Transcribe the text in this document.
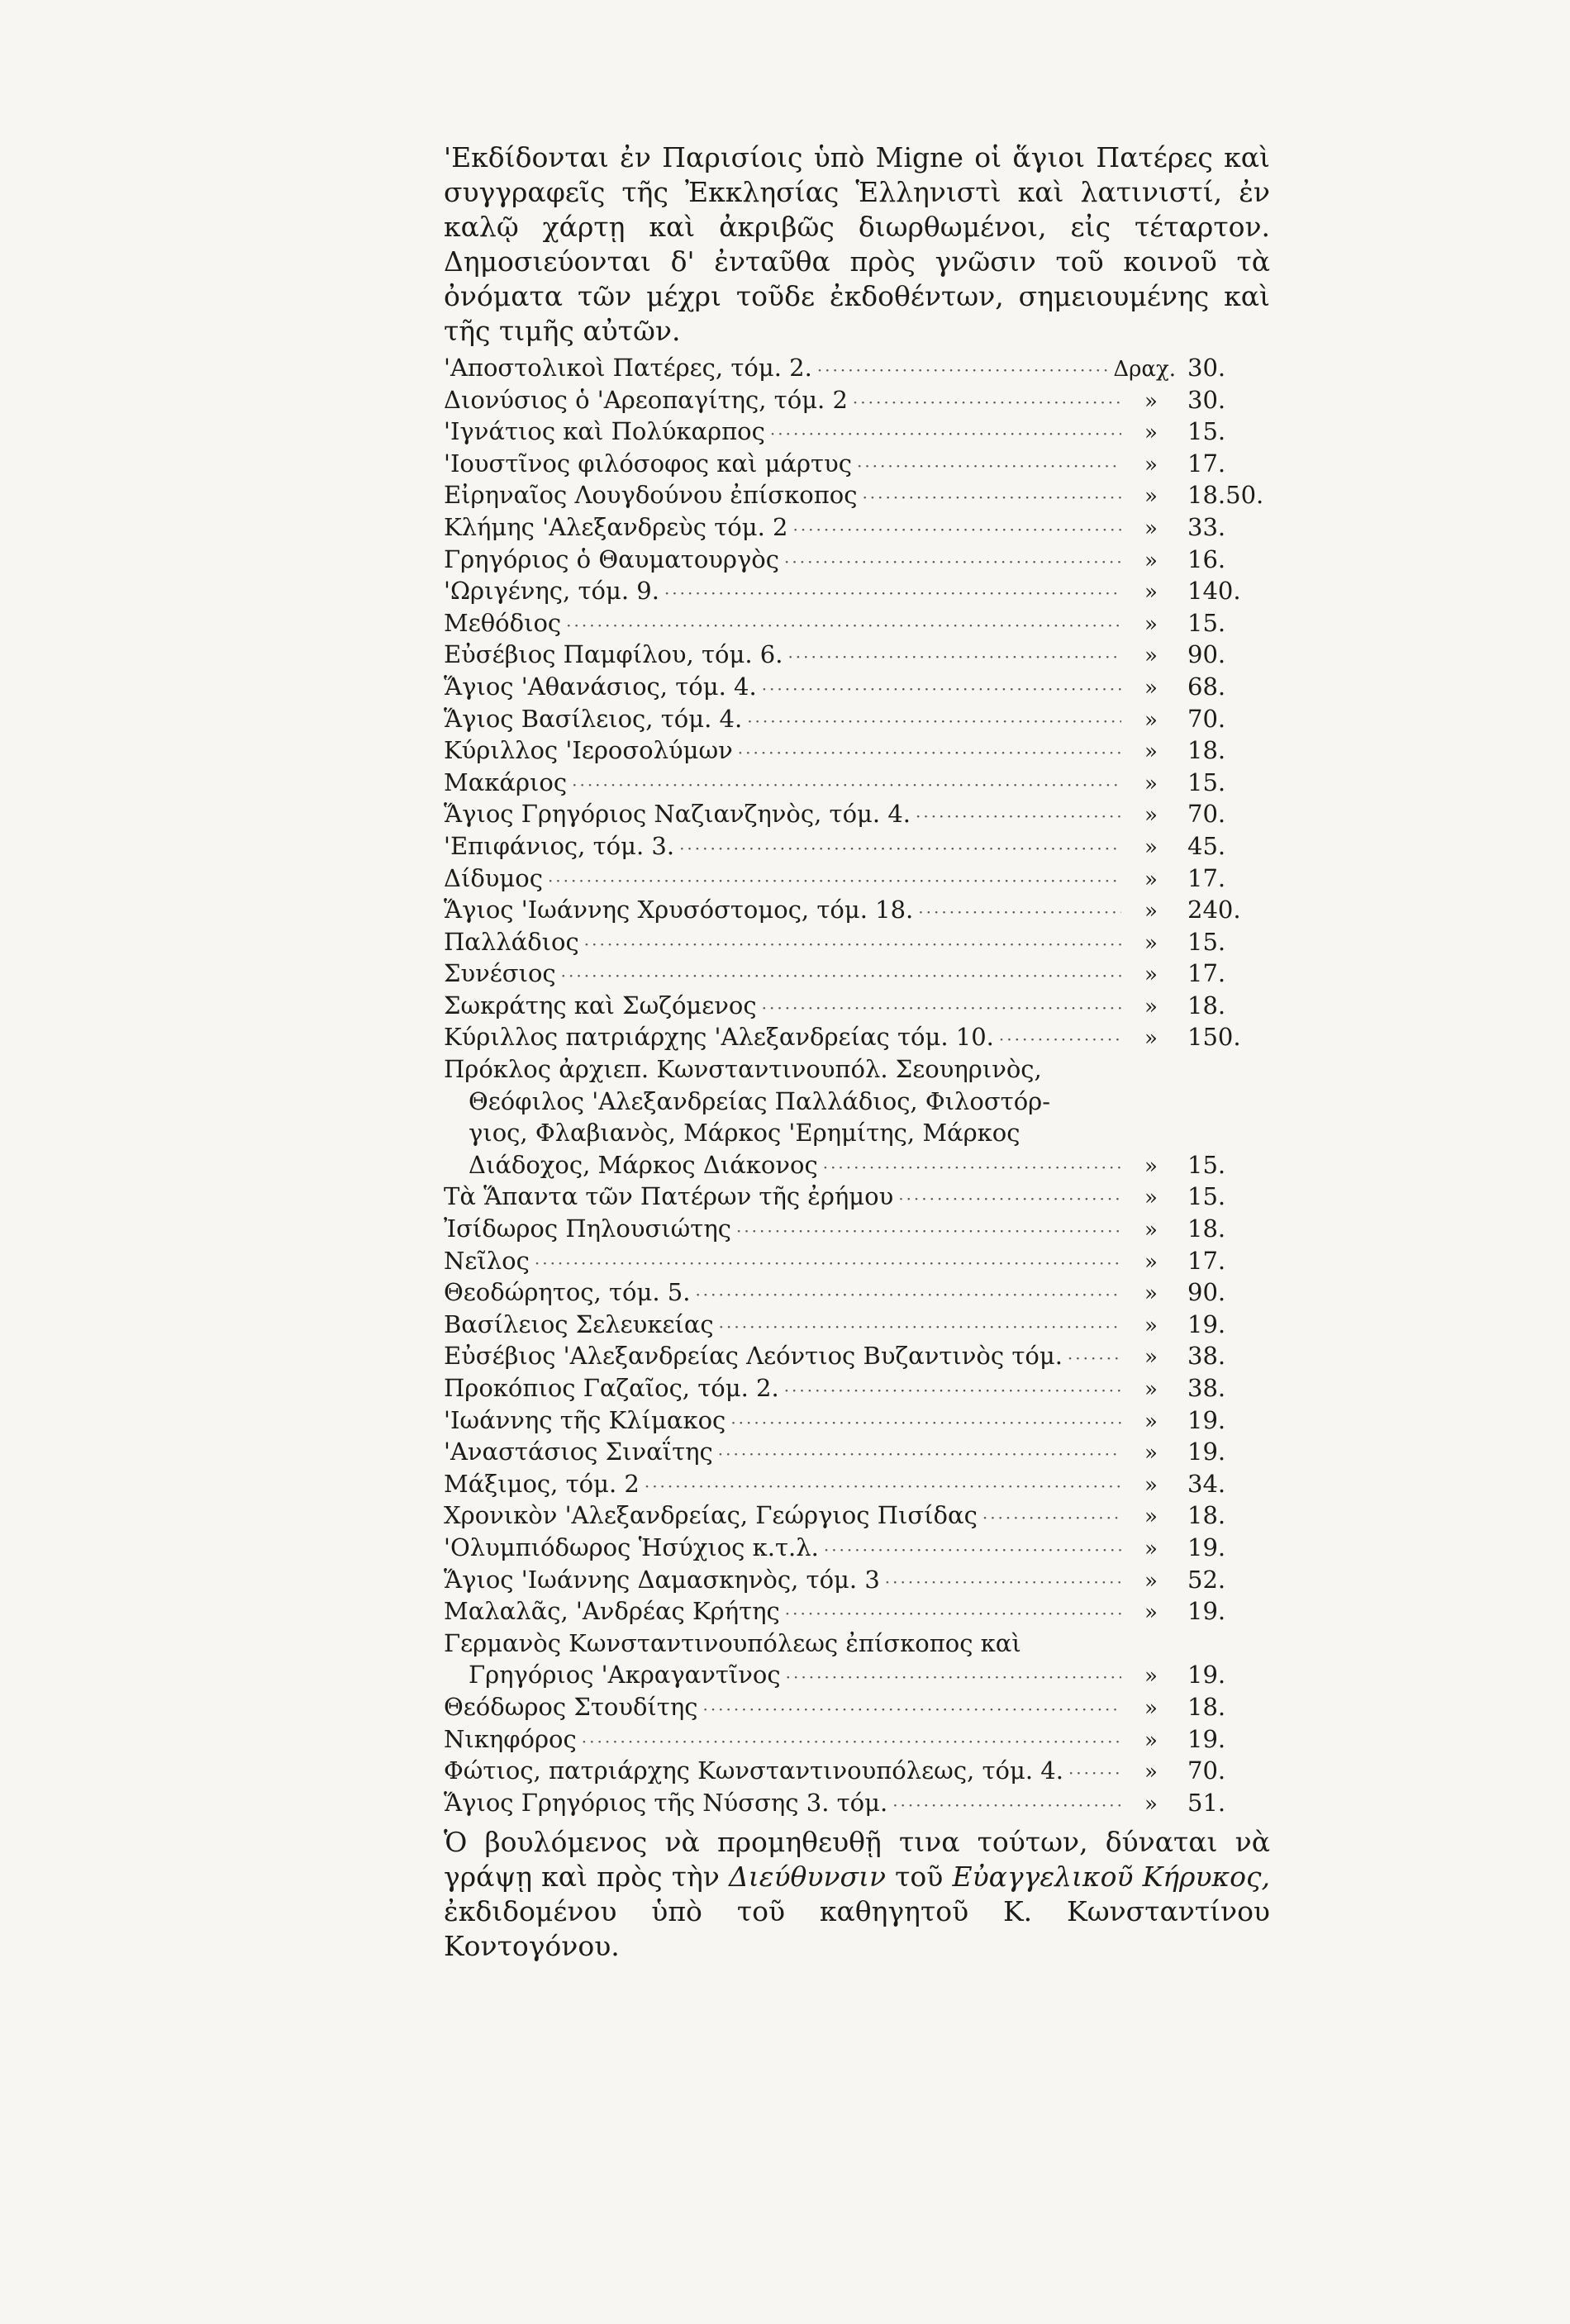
'Εκδίδονται ἐν Παρισίοις ὑπὸ Migne οἱ ἅγιοι Πατέρες καὶ συγγραφεῖς τῆς Ἐκκλησίας Ἑλληνιστὶ καὶ λατινιστί, ἐν καλῷ χάρτῃ καὶ ἀκριβῶς διωρθωμένοι, εἰς τέταρτον. Δημοσιεύονται δ' ἐνταῦθα πρὸς γνῶσιν τοῦ κοινοῦ τὰ ὀνόματα τῶν μέχρι τοῦδε ἐκδοθέντων, σημειουμένης καὶ τῆς τιμῆς αὐτῶν.

'Αποστολικοὶ Πατέρες, τόμ. 2. ·····	Δραχ. 30.
Διονύσιος ὁ 'Αρεοπαγίτης, τόμ. 2 ·····	»	30.
'Ιγνάτιος καὶ Πολύκαρπος ·····	»	15.
'Ιουστῖνος φιλόσοφος καὶ μάρτυς ·····	»	17.
Εἰρηναῖος Λουγδούνου ἐπίσκοπος ·····	»	18.50.
Κλήμης 'Αλεξανδρεὺς τόμ. 2 ·····	»	33.
Γρηγόριος ὁ Θαυματουργὸς ·····	»	16.
'Ωριγένης, τόμ. 9. ·····	»	140.
Μεθόδιος ·····	»	15.
Εὐσέβιος Παμφίλου, τόμ. 6. ·····	»	90.
Ἅγιος 'Αθανάσιος, τόμ. 4. ·····	»	68.
Ἅγιος Βασίλειος, τόμ. 4. ·····	»	70.
Κύριλλος 'Ιεροσολύμων ·····	»	18.
Μακάριος ·····	»	15.
Ἅγιος Γρηγόριος Ναζιανζηνὸς, τόμ. 4. ·····	»	70.
'Επιφάνιος, τόμ. 3. ·····	»	45.
Δίδυμος ·····	»	17.
Ἅγιος 'Ιωάννης Χρυσόστομος, τόμ. 18. ·····	»	240.
Παλλάδιος ·····	»	15.
Συνέσιος ·····	»	17.
Σωκράτης καὶ Σωζόμενος ·····	»	18.
Κύριλλος πατριάρχης 'Αλεξανδρείας τόμ. 10. ·····	»	150.
Πρόκλος ἀρχιεπ. Κωνσταντινουπόλ. Σεουηρινὸς,
Θεόφιλος 'Αλεξανδρείας Παλλάδιος, Φιλοστόρ-
γιος, Φλαβιανὸς, Μάρκος 'Ερημίτης, Μάρκος
Διάδοχος, Μάρκος Διάκονος ·····	»	15.
Τὰ Ἅπαντα τῶν Πατέρων τῆς ἐρήμου ·····	»	15.
Ἰσίδωρος Πηλουσιώτης ·····	»	18.
Νεῖλος ·····	»	17.
Θεοδώρητος, τόμ. 5. ·····	»	90.
Βασίλειος Σελευκείας ·····	»	19.
Εὐσέβιος 'Αλεξανδρείας Λεόντιος Βυζαντινὸς τόμ. ·····	»	38.
Προκόπιος Γαζαῖος, τόμ. 2. ·····	»	38.
'Ιωάννης τῆς Κλίμακος ·····	»	19.
'Αναστάσιος Σιναΐτης ·····	»	19.
Μάξιμος, τόμ. 2 ·····	»	34.
Χρονικὸν 'Αλεξανδρείας, Γεώργιος Πισίδας ·····	»	18.
'Ολυμπιόδωρος Ἡσύχιος κ.τ.λ. ·····	»	19.
Ἅγιος 'Ιωάννης Δαμασκηνὸς, τόμ. 3 ·····	»	52.
Μαλαλᾶς, 'Ανδρέας Κρήτης ·····	»	19.
Γερμανὸς Κωνσταντινουπόλεως ἐπίσκοπος καὶ
Γρηγόριος 'Ακραγαντῖνος ·····	»	19.
Θεόδωρος Στουδίτης ·····	»	18.
Νικηφόρος ·····	»	19.
Φώτιος, πατριάρχης Κωνσταντινουπόλεως, τόμ. 4. ·····	»	70.
Ἅγιος Γρηγόριος τῆς Νύσσης 3. τόμ. ·····	»	51.

Ὁ βουλόμενος νὰ προμηθευθῇ τινα τούτων, δύναται νὰ γράψῃ καὶ πρὸς τὴν Διεύθυνσιν τοῦ Εὐαγγελικοῦ Κήρυκος, ἐκδιδομένου ὑπὸ τοῦ καθηγητοῦ Κ. Κωνσταντίνου Κοντογόνου.
